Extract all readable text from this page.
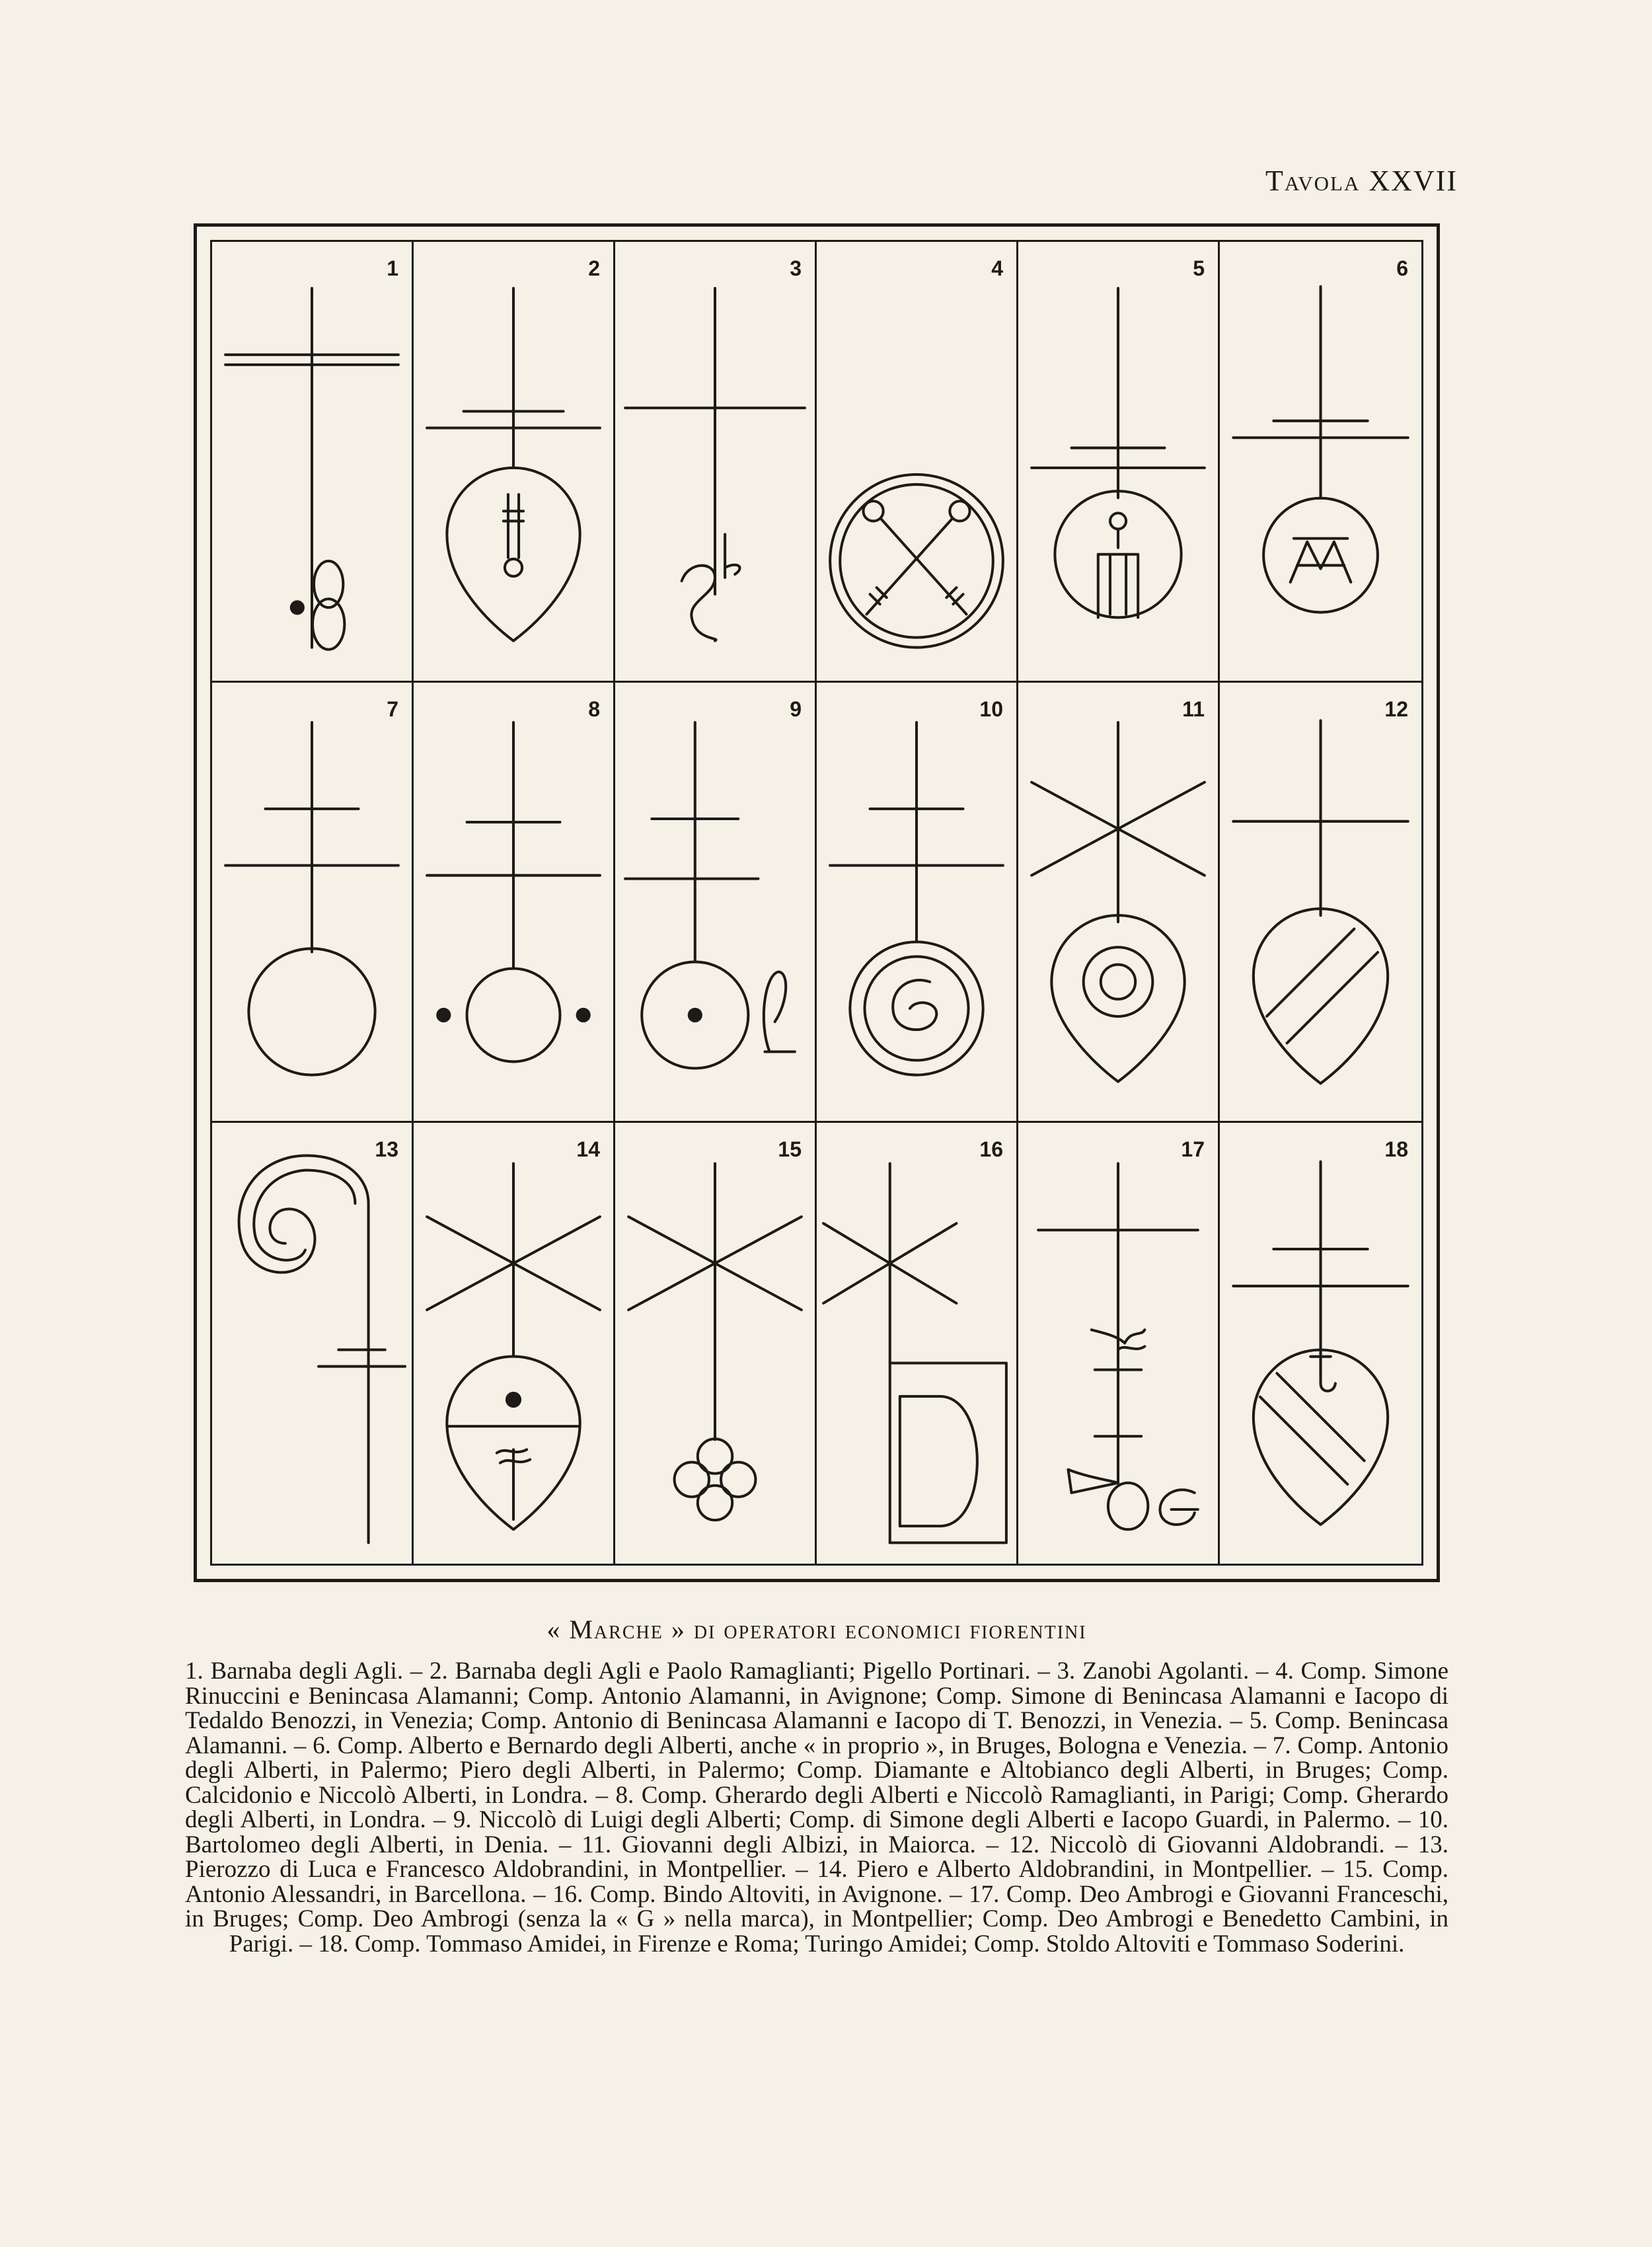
Tavola XXVII
1	2	3	4	5	6
7	8	9	10	11	12
13	14	15	16	17	18
« Marche » di operatori economici fiorentini
1. Barnaba degli Agli. – 2. Barnaba degli Agli e Paolo Ramaglianti; Pigello Portinari. – 3. Zanobi Agolanti. – 4. Comp. Simone Rinuccini e Benincasa Alamanni; Comp. Antonio Alamanni, in Avignone; Comp. Simone di Benincasa Alamanni e Iacopo di Tedaldo Benozzi, in Venezia; Comp. Antonio di Benincasa Alamanni e Iacopo di T. Benozzi, in Venezia. – 5. Comp. Benincasa Alamanni. – 6. Comp. Alberto e Bernardo degli Alberti, anche « in proprio », in Bruges, Bologna e Venezia. – 7. Comp. Antonio degli Alberti, in Palermo; Piero degli Alberti, in Palermo; Comp. Diamante e Altobianco degli Alberti, in Bruges; Comp. Calcidonio e Niccolò Alberti, in Londra. – 8. Comp. Gherardo degli Alberti e Niccolò Ramaglianti, in Parigi; Comp. Gherardo degli Alberti, in Londra. – 9. Niccolò di Luigi degli Alberti; Comp. di Simone degli Alberti e Iacopo Guardi, in Palermo. – 10. Bartolomeo degli Alberti, in Denia. – 11. Giovanni degli Albizi, in Maiorca. – 12. Niccolò di Giovanni Aldobrandi. – 13. Pierozzo di Luca e Francesco Aldobrandini, in Montpellier. – 14. Piero e Alberto Aldobrandini, in Montpellier. – 15. Comp. Antonio Alessandri, in Barcellona. – 16. Comp. Bindo Altoviti, in Avignone. – 17. Comp. Deo Ambrogi e Giovanni Franceschi, in Bruges; Comp. Deo Ambrogi (senza la « G » nella marca), in Montpellier; Comp. Deo Ambrogi e Benedetto Cambini, in Parigi. – 18. Comp. Tommaso Amidei, in Firenze e Roma; Turingo Amidei; Comp. Stoldo Altoviti e Tommaso Soderini.
